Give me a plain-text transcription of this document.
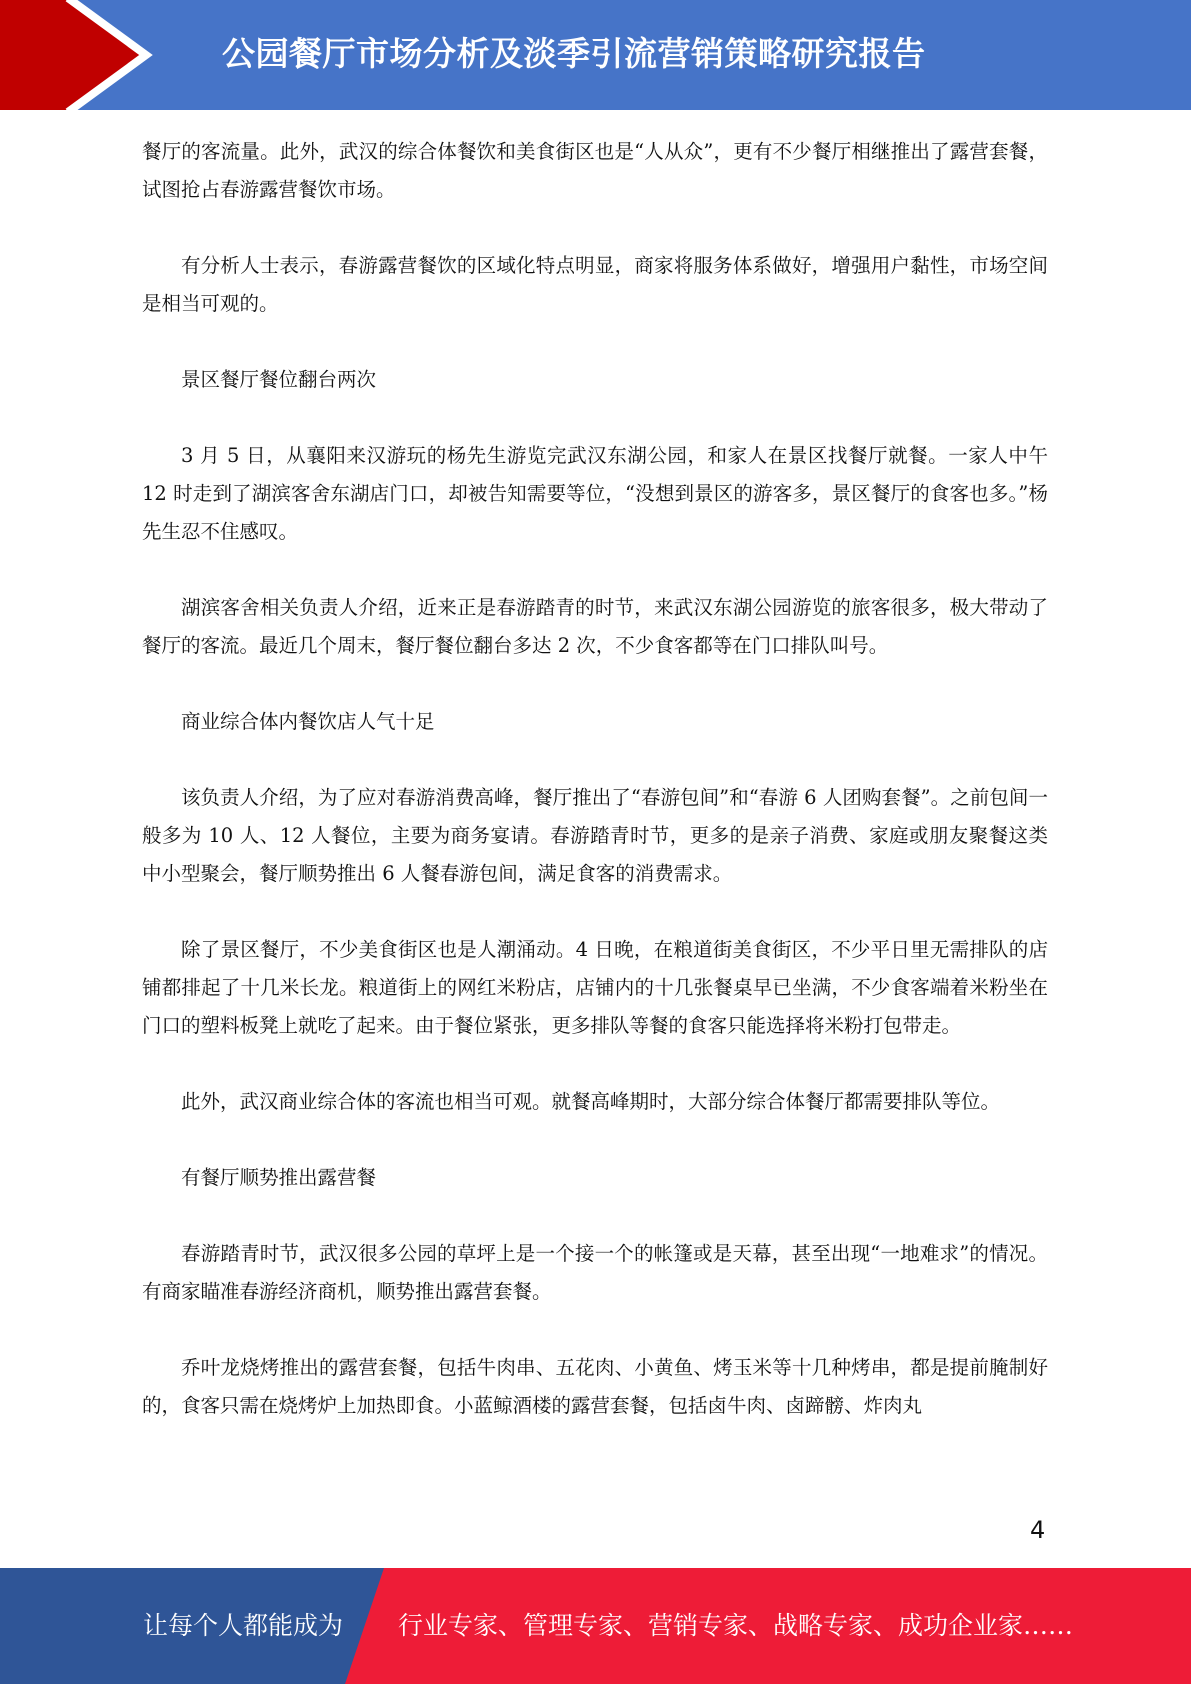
公园餐厅市场分析及淡季引流营销策略研究报告

餐厅的客流量。此外，武汉的综合体餐饮和美食街区也是“人从众”，更有不少餐厅相继推出了露营套餐，试图抢占春游露营餐饮市场。

有分析人士表示，春游露营餐饮的区域化特点明显，商家将服务体系做好，增强用户黏性，市场空间是相当可观的。

景区餐厅餐位翻台两次

3 月 5 日，从襄阳来汉游玩的杨先生游览完武汉东湖公园，和家人在景区找餐厅就餐。一家人中午 12 时走到了湖滨客舍东湖店门口，却被告知需要等位，“没想到景区的游客多，景区餐厅的食客也多。”杨先生忍不住感叹。

湖滨客舍相关负责人介绍，近来正是春游踏青的时节，来武汉东湖公园游览的旅客很多，极大带动了餐厅的客流。最近几个周末，餐厅餐位翻台多达 2 次，不少食客都等在门口排队叫号。

商业综合体内餐饮店人气十足

该负责人介绍，为了应对春游消费高峰，餐厅推出了“春游包间”和“春游 6 人团购套餐”。之前包间一般多为 10 人、12 人餐位，主要为商务宴请。春游踏青时节，更多的是亲子消费、家庭或朋友聚餐这类中小型聚会，餐厅顺势推出 6 人餐春游包间，满足食客的消费需求。

除了景区餐厅，不少美食街区也是人潮涌动。4 日晚，在粮道街美食街区，不少平日里无需排队的店铺都排起了十几米长龙。粮道街上的网红米粉店，店铺内的十几张餐桌早已坐满，不少食客端着米粉坐在门口的塑料板凳上就吃了起来。由于餐位紧张，更多排队等餐的食客只能选择将米粉打包带走。

此外，武汉商业综合体的客流也相当可观。就餐高峰期时，大部分综合体餐厅都需要排队等位。

有餐厅顺势推出露营餐

春游踏青时节，武汉很多公园的草坪上是一个接一个的帐篷或是天幕，甚至出现“一地难求”的情况。有商家瞄准春游经济商机，顺势推出露营套餐。

乔叶龙烧烤推出的露营套餐，包括牛肉串、五花肉、小黄鱼、烤玉米等十几种烤串，都是提前腌制好的，食客只需在烧烤炉上加热即食。小蓝鲸酒楼的露营套餐，包括卤牛肉、卤蹄髈、炸肉丸

4
让每个人都能成为 行业专家、管理专家、营销专家、战略专家、成功企业家……
